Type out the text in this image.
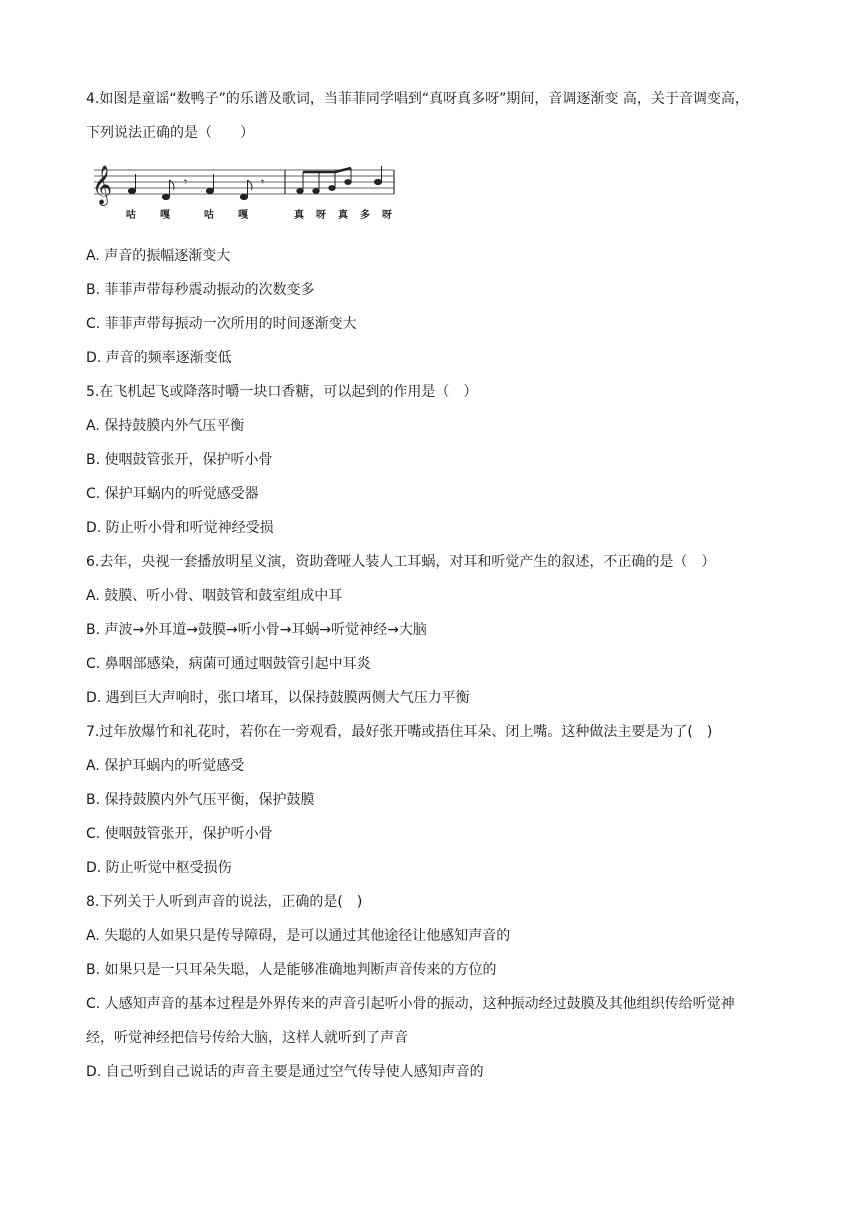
4.如图是童谣“数鸭子”的乐谱及歌词，当菲菲同学唱到“真呀真多呀”期间，音调逐渐变 高，关于音调变高，
下列说法正确的是（　　）
𝄞	𝄾	𝄾
咕 嘎	咕 嘎	真 呀 真 多 呀
A. 声音的振幅逐渐变大
B. 菲菲声带每秒震动振动的次数变多
C. 菲菲声带每振动一次所用的时间逐渐变大
D. 声音的频率逐渐变低
5.在飞机起飞或降落时嚼一块口香糖，可以起到的作用是（　）
A. 保持鼓膜内外气压平衡
B. 使咽鼓管张开，保护听小骨
C. 保护耳蜗内的听觉感受器
D. 防止听小骨和听觉神经受损
6.去年，央视一套播放明星义演，资助聋哑人装人工耳蜗，对耳和听觉产生的叙述，不正确的是（　）
A. 鼓膜、听小骨、咽鼓管和鼓室组成中耳
B. 声波→外耳道→鼓膜→听小骨→耳蜗→听觉神经→大脑
C. 鼻咽部感染，病菌可通过咽鼓管引起中耳炎
D. 遇到巨大声响时，张口堵耳，以保持鼓膜两侧大气压力平衡
7.过年放爆竹和礼花时，若你在一旁观看，最好张开嘴或捂住耳朵、闭上嘴。这种做法主要是为了(　)
A. 保护耳蜗内的听觉感受
B. 保持鼓膜内外气压平衡，保护鼓膜
C. 使咽鼓管张开，保护听小骨
D. 防止听觉中枢受损伤
8.下列关于人听到声音的说法，正确的是(　)
A. 失聪的人如果只是传导障碍，是可以通过其他途径让他感知声音的
B. 如果只是一只耳朵失聪，人是能够准确地判断声音传来的方位的
C. 人感知声音的基本过程是外界传来的声音引起听小骨的振动，这种振动经过鼓膜及其他组织传给听觉神
经，听觉神经把信号传给大脑，这样人就听到了声音
D. 自己听到自己说话的声音主要是通过空气传导使人感知声音的
